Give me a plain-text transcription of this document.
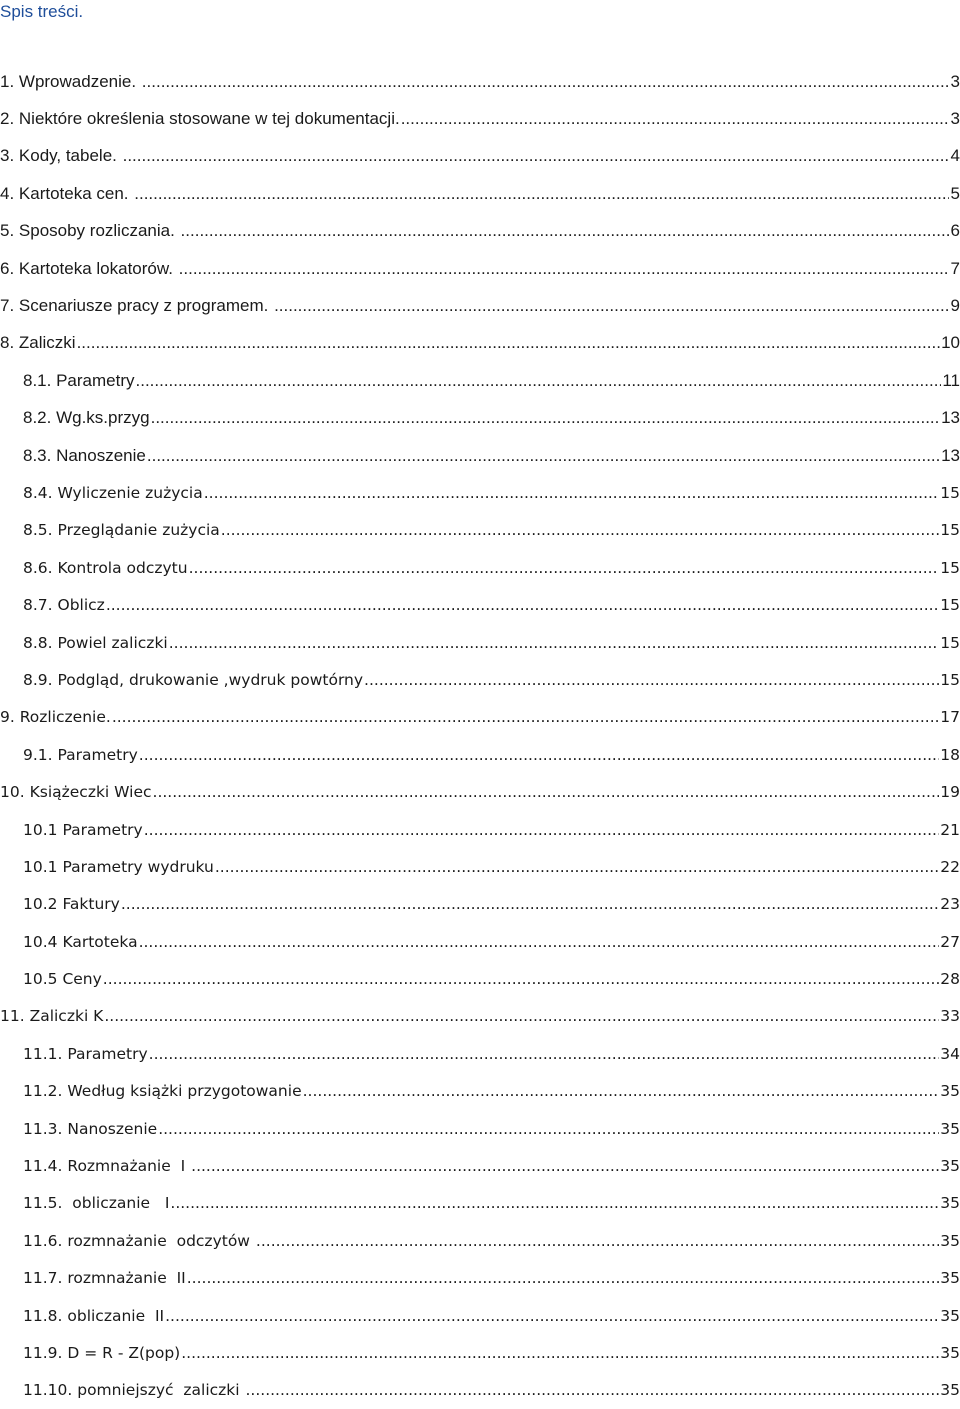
Spis treści.
1. Wprowadzenie. .....	3
2. Niektóre określenia stosowane w tej dokumentacji. .....	3
3. Kody, tabele. .....	4
4. Kartoteka cen. .....	5
5. Sposoby rozliczania. .....	6
6. Kartoteka lokatorów. .....	7
7. Scenariusze pracy z programem. .....	9
8. Zaliczki .....	10
8.1. Parametry .....	11
8.2. Wg.ks.przyg .....	13
8.3. Nanoszenie .....	13
8.4. Wyliczenie zużycia .....	15
8.5. Przeglądanie zużycia .....	15
8.6. Kontrola odczytu .....	15
8.7. Oblicz .....	15
8.8. Powiel zaliczki .....	15
8.9. Podgląd, drukowanie ,wydruk powtórny .....	15
9. Rozliczenie. .....	17
9.1. Parametry .....	18
10. Książeczki Wiec .....	19
10.1 Parametry .....	21
10.1 Parametry wydruku .....	22
10.2 Faktury .....	23
10.4 Kartoteka .....	27
10.5 Ceny .....	28
11. Zaliczki K .....	33
11.1. Parametry .....	34
11.2. Według książki przygotowanie .....	35
11.3. Nanoszenie .....	35
11.4. Rozmnażanie  I .....	35
11.5.  obliczanie   I .....	35
11.6. rozmnażanie  odczytów .....	35
11.7. rozmnażanie  II .....	35
11.8. obliczanie  II .....	35
11.9. D = R - Z(pop) .....	35
11.10. pomniejszyć  zaliczki .....	35
